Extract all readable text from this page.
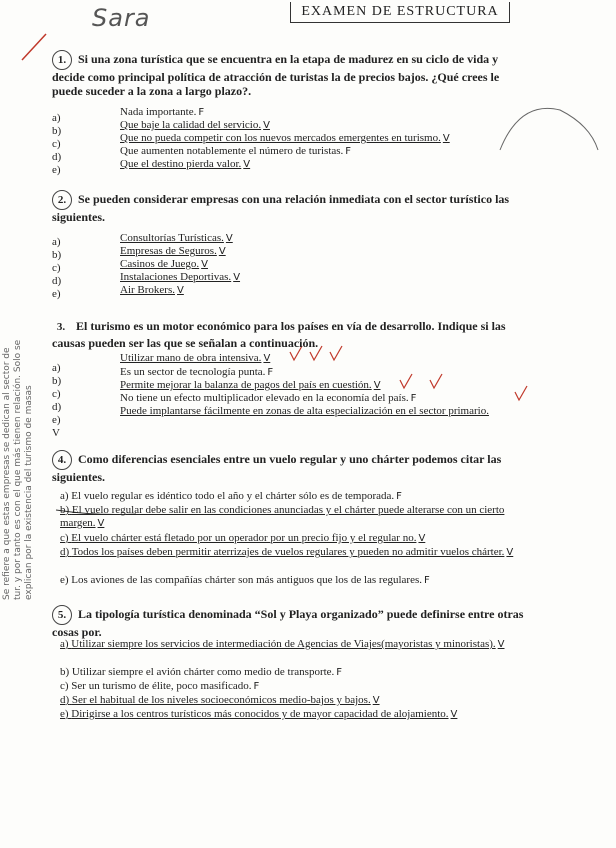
Sara	EXAMEN DE ESTRUCTURA
Se refiere a que estas empresas se dedican al sector de tur. y por tanto es con el que más tienen relación. Solo se explican por la existencia del turismo de masas
1. Si una zona turística que se encuentra en la etapa de madurez en su ciclo de vida y decide como principal política de atracción de turistas la de precios bajos. ¿Qué crees le puede suceder a la zona a largo plazo?.
a)
b)
c)
d)
e)
Nada importante. F
Que baje la calidad del servicio. V
Que no pueda competir con los nuevos mercados emergentes en turismo. V
Que aumenten notablemente el número de turistas. F
Que el destino pierda valor. V
2. Se pueden considerar empresas con una relación inmediata con el sector turístico las siguientes.
a)
b)
c)
d)
e)
Consultorías Turísticas. V
Empresas de Seguros. V
Casinos de Juego. V
Instalaciones Deportivas. V
Air Brokers. V
3. El turismo es un motor económico para los países en vía de desarrollo. Indique si las causas pueden ser las que se señalan a continuación.
a)
b)
c)
d)
e)
V
Utilizar mano de obra intensiva. V
Es un sector de tecnología punta. F
Permite mejorar la balanza de pagos del país en cuestión. V
No tiene un efecto multiplicador elevado en la economía del país. F
Puede implantarse fácilmente en zonas de alta especialización en el sector primario.
4. Como diferencias esenciales entre un vuelo regular y uno chárter podemos citar las siguientes.
a) El vuelo regular es idéntico todo el año y el chárter sólo es de temporada. F
b) El vuelo regular debe salir en las condiciones anunciadas y el chárter puede alterarse con un cierto margen. V
c) El vuelo chárter está fletado por un operador por un precio fijo y el regular no. V
d) Todos los países deben permitir aterrizajes de vuelos regulares y pueden no admitir vuelos chárter. V
e) Los aviones de las compañías chárter son más antiguos que los de las regulares. F
5. La tipología turística denominada “Sol y Playa organizado” puede definirse entre otras cosas por.
a) Utilizar siempre los servicios de intermediación de Agencias de Viajes(mayoristas y minoristas). V
b) Utilizar siempre el avión chárter como medio de transporte. F
c) Ser un turismo de élite, poco masificado. F
d) Ser el habitual de los niveles socioeconómicos medio-bajos y bajos. V
e) Dirigirse a los centros turísticos más conocidos y de mayor capacidad de alojamiento. V
